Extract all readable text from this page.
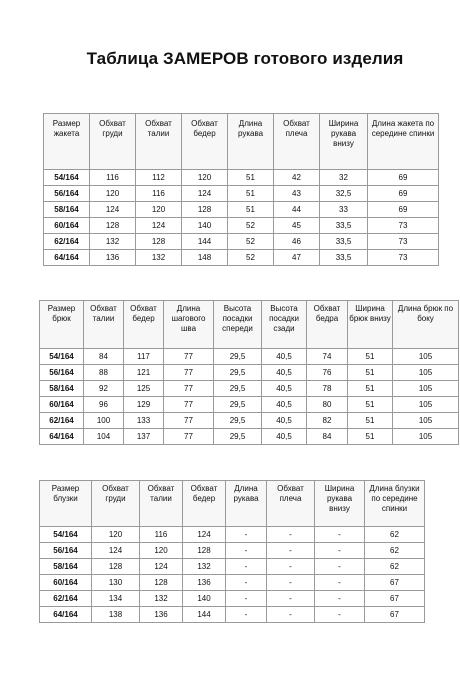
Таблица ЗАМЕРОВ готового изделия
Размер жакета	Обхват груди	Обхват талии	Обхват бедер	Длина рукава	Обхват плеча	Ширина рукава внизу	Длина жакета по середине спинки
54/164	116	112	120	51	42	32	69
56/164	120	116	124	51	43	32,5	69
58/164	124	120	128	51	44	33	69
60/164	128	124	140	52	45	33,5	73
62/164	132	128	144	52	46	33,5	73
64/164	136	132	148	52	47	33,5	73
Размер брюк	Обхват талии	Обхват бедер	Длина шагового шва	Высота посадки спереди	Высота посадки сзади	Обхват бедра	Ширина брюк внизу	Длина брюк по боку
54/164	84	117	77	29,5	40,5	74	51	105
56/164	88	121	77	29,5	40,5	76	51	105
58/164	92	125	77	29,5	40,5	78	51	105
60/164	96	129	77	29,5	40,5	80	51	105
62/164	100	133	77	29,5	40,5	82	51	105
64/164	104	137	77	29,5	40,5	84	51	105
Размер блузки	Обхват груди	Обхват талии	Обхват бедер	Длина рукава	Обхват плеча	Ширина рукава внизу	Длина блузки по середине спинки
54/164	120	116	124	-	-	-	62
56/164	124	120	128	-	-	-	62
58/164	128	124	132	-	-	-	62
60/164	130	128	136	-	-	-	67
62/164	134	132	140	-	-	-	67
64/164	138	136	144	-	-	-	67
